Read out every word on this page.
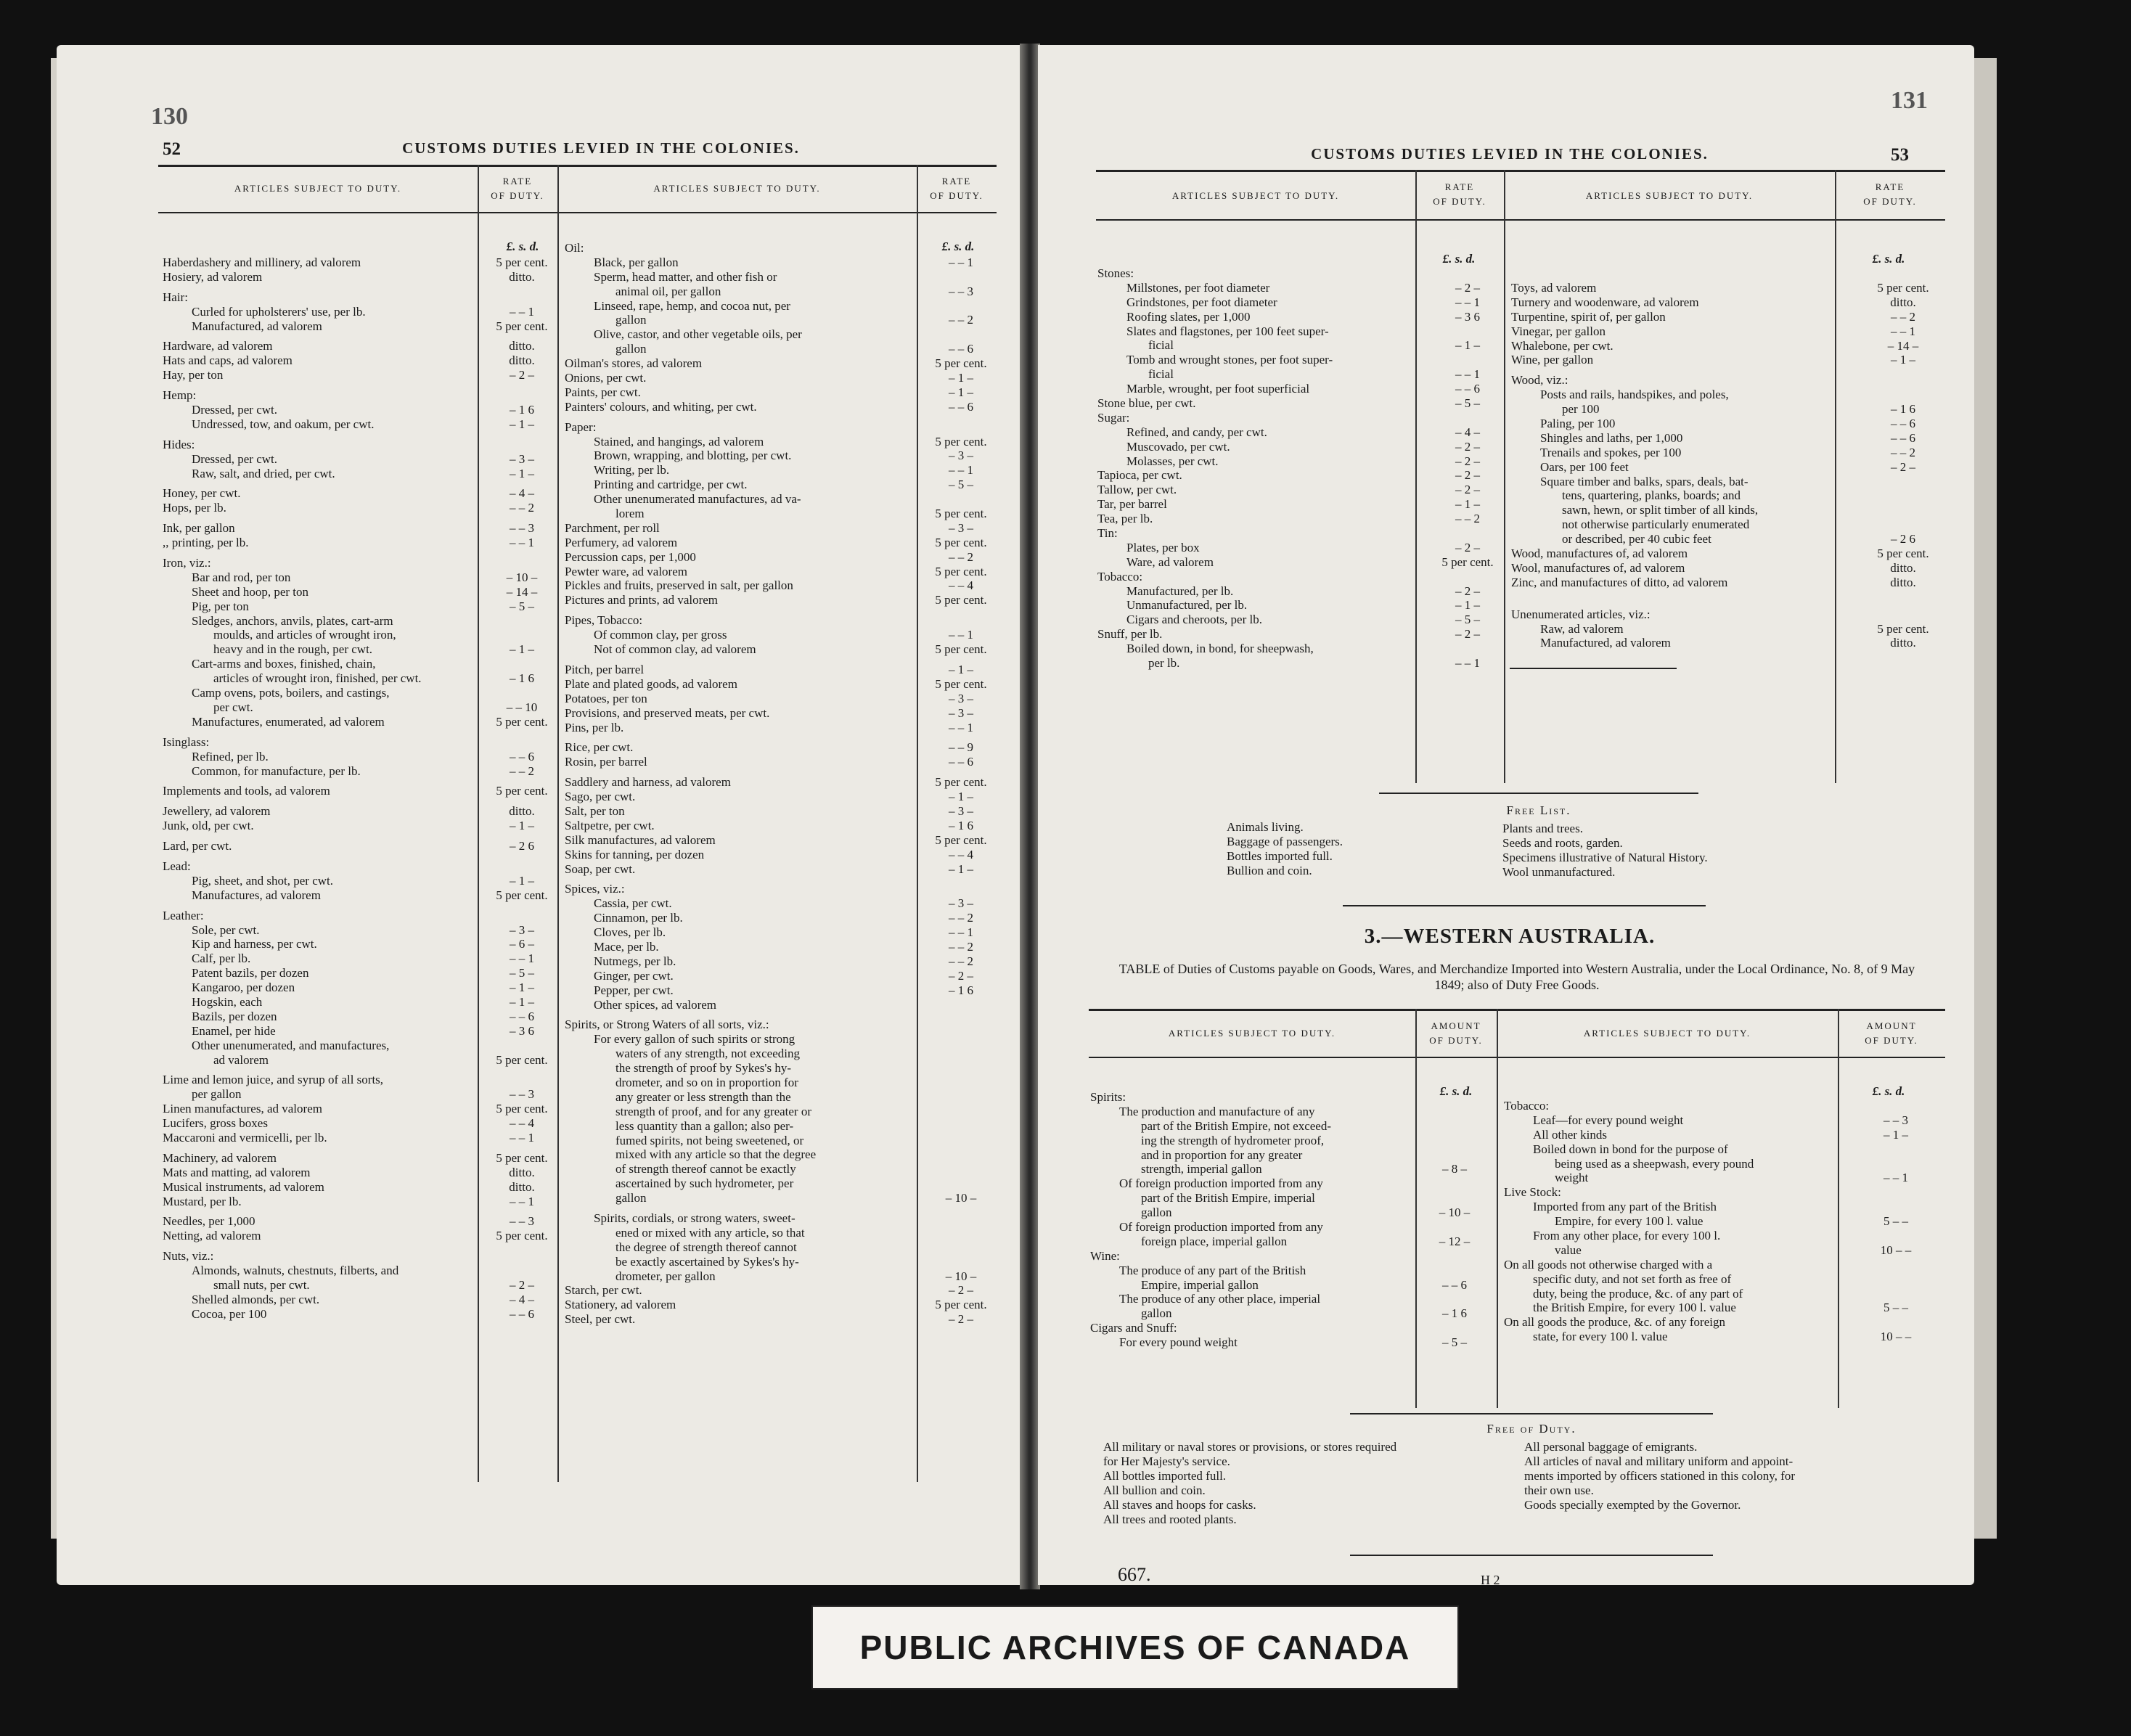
130
52	CUSTOMS DUTIES LEVIED IN THE COLONIES.
ARTICLES SUBJECT TO DUTY.
RATE
OF DUTY.
ARTICLES SUBJECT TO DUTY.
RATE
OF DUTY.
£. s. d.	£. s. d.
Haberdashery and millinery, ad valorem	5 per cent.
Hosiery, ad valorem	ditto.
Hair:
Curled for upholsterers' use, per lb.	– – 1
Manufactured, ad valorem	5 per cent.
Hardware, ad valorem	ditto.
Hats and caps, ad valorem	ditto.
Hay, per ton	– 2 –
Hemp:
Dressed, per cwt.	– 1 6
Undressed, tow, and oakum, per cwt.	– 1 –
Hides:
Dressed, per cwt.	– 3 –
Raw, salt, and dried, per cwt.	– 1 –
Honey, per cwt.	– 4 –
Hops, per lb.	– – 2
Ink, per gallon	– – 3
,, printing, per lb.	– – 1
Iron, viz.:
Bar and rod, per ton	– 10 –
Sheet and hoop, per ton	– 14 –
Pig, per ton	– 5 –
Sledges, anchors, anvils, plates, cart-arm
moulds, and articles of wrought iron,
heavy and in the rough, per cwt.	– 1 –
Cart-arms and boxes, finished, chain,
articles of wrought iron, finished, per cwt.	– 1 6
Camp ovens, pots, boilers, and castings,
per cwt.	– – 10
Manufactures, enumerated, ad valorem	5 per cent.
Isinglass:
Refined, per lb.	– – 6
Common, for manufacture, per lb.	– – 2
Implements and tools, ad valorem	5 per cent.
Jewellery, ad valorem	ditto.
Junk, old, per cwt.	– 1 –
Lard, per cwt.	– 2 6
Lead:
Pig, sheet, and shot, per cwt.	– 1 –
Manufactures, ad valorem	5 per cent.
Leather:
Sole, per cwt.	– 3 –
Kip and harness, per cwt.	– 6 –
Calf, per lb.	– – 1
Patent bazils, per dozen	– 5 –
Kangaroo, per dozen	– 1 –
Hogskin, each	– 1 –
Bazils, per dozen	– – 6
Enamel, per hide	– 3 6
Other unenumerated, and manufactures,
ad valorem	5 per cent.
Lime and lemon juice, and syrup of all sorts,
per gallon	– – 3
Linen manufactures, ad valorem	5 per cent.
Lucifers, gross boxes	– – 4
Maccaroni and vermicelli, per lb.	– – 1
Machinery, ad valorem	5 per cent.
Mats and matting, ad valorem	ditto.
Musical instruments, ad valorem	ditto.
Mustard, per lb.	– – 1
Needles, per 1,000	– – 3
Netting, ad valorem	5 per cent.
Nuts, viz.:
Almonds, walnuts, chestnuts, filberts, and
small nuts, per cwt.	– 2 –
Shelled almonds, per cwt.	– 4 –
Cocoa, per 100	– – 6
Oil:
Black, per gallon	– – 1
Sperm, head matter, and other fish or
animal oil, per gallon	– – 3
Linseed, rape, hemp, and cocoa nut, per
gallon	– – 2
Olive, castor, and other vegetable oils, per
gallon	– – 6
Oilman's stores, ad valorem	5 per cent.
Onions, per cwt.	– 1 –
Paints, per cwt.	– 1 –
Painters' colours, and whiting, per cwt.	– – 6
Paper:
Stained, and hangings, ad valorem	5 per cent.
Brown, wrapping, and blotting, per cwt.	– 3 –
Writing, per lb.	– – 1
Printing and cartridge, per cwt.	– 5 –
Other unenumerated manufactures, ad va-
lorem	5 per cent.
Parchment, per roll	– 3 –
Perfumery, ad valorem	5 per cent.
Percussion caps, per 1,000	– – 2
Pewter ware, ad valorem	5 per cent.
Pickles and fruits, preserved in salt, per gallon	– – 4
Pictures and prints, ad valorem	5 per cent.
Pipes, Tobacco:
Of common clay, per gross	– – 1
Not of common clay, ad valorem	5 per cent.
Pitch, per barrel	– 1 –
Plate and plated goods, ad valorem	5 per cent.
Potatoes, per ton	– 3 –
Provisions, and preserved meats, per cwt.	– 3 –
Pins, per lb.	– – 1
Rice, per cwt.	– – 9
Rosin, per barrel	– – 6
Saddlery and harness, ad valorem	5 per cent.
Sago, per cwt.	– 1 –
Salt, per ton	– 3 –
Saltpetre, per cwt.	– 1 6
Silk manufactures, ad valorem	5 per cent.
Skins for tanning, per dozen	– – 4
Soap, per cwt.	– 1 –
Spices, viz.:
Cassia, per cwt.	– 3 –
Cinnamon, per lb.	– – 2
Cloves, per lb.	– – 1
Mace, per lb.	– – 2
Nutmegs, per lb.	– – 2
Ginger, per cwt.	– 2 –
Pepper, per cwt.	– 1 6
Other spices, ad valorem
Spirits, or Strong Waters of all sorts, viz.:
For every gallon of such spirits or strong
waters of any strength, not exceeding
the strength of proof by Sykes's hy-
drometer, and so on in proportion for
any greater or less strength than the
strength of proof, and for any greater or
less quantity than a gallon; also per-
fumed spirits, not being sweetened, or
mixed with any article so that the degree
of strength thereof cannot be exactly
ascertained by such hydrometer, per
gallon	– 10 –
Spirits, cordials, or strong waters, sweet-
ened or mixed with any article, so that
the degree of strength thereof cannot
be exactly ascertained by Sykes's hy-
drometer, per gallon	– 10 –
Starch, per cwt.	– 2 –
Stationery, ad valorem	5 per cent.
Steel, per cwt.	– 2 –
131
53
CUSTOMS DUTIES LEVIED IN THE COLONIES.
ARTICLES SUBJECT TO DUTY.
RATE
OF DUTY.
ARTICLES SUBJECT TO DUTY.
RATE
OF DUTY.
£. s. d.	£. s. d.
Stones:
Millstones, per foot diameter	– 2 –
Grindstones, per foot diameter	– – 1
Roofing slates, per 1,000	– 3 6
Slates and flagstones, per 100 feet super-
ficial	– 1 –
Tomb and wrought stones, per foot super-
ficial	– – 1
Marble, wrought, per foot superficial	– – 6
Stone blue, per cwt.	– 5 –
Sugar:
Refined, and candy, per cwt.	– 4 –
Muscovado, per cwt.	– 2 –
Molasses, per cwt.	– 2 –
Tapioca, per cwt.	– 2 –
Tallow, per cwt.	– 2 –
Tar, per barrel	– 1 –
Tea, per lb.	– – 2
Tin:
Plates, per box	– 2 –
Ware, ad valorem	5 per cent.
Tobacco:
Manufactured, per lb.	– 2 –
Unmanufactured, per lb.	– 1 –
Cigars and cheroots, per lb.	– 5 –
Snuff, per lb.	– 2 –
Boiled down, in bond, for sheepwash,
per lb.	– – 1
Toys, ad valorem	5 per cent.
Turnery and woodenware, ad valorem	ditto.
Turpentine, spirit of, per gallon	– – 2
Vinegar, per gallon	– – 1
Whalebone, per cwt.	– 14 –
Wine, per gallon	– 1 –
Wood, viz.:
Posts and rails, handspikes, and poles,
per 100	– 1 6
Paling, per 100	– – 6
Shingles and laths, per 1,000	– – 6
Trenails and spokes, per 100	– – 2
Oars, per 100 feet	– 2 –
Square timber and balks, spars, deals, bat-
tens, quartering, planks, boards; and
sawn, hewn, or split timber of all kinds,
not otherwise particularly enumerated
or described, per 40 cubic feet	– 2 6
Wood, manufactures of, ad valorem	5 per cent.
Wool, manufactures of, ad valorem	ditto.
Zinc, and manufactures of ditto, ad valorem	ditto.
Unenumerated articles, viz.:
Raw, ad valorem	5 per cent.
Manufactured, ad valorem	ditto.
Free List.
Animals living.
Baggage of passengers.
Bottles imported full.
Bullion and coin.
Plants and trees.
Seeds and roots, garden.
Specimens illustrative of Natural History.
Wool unmanufactured.
3.—WESTERN AUSTRALIA.
TABLE of Duties of Customs payable on Goods, Wares, and Merchandize Imported into Western Australia, under the Local Ordinance, No. 8, of 9 May 1849; also of Duty Free Goods.
ARTICLES SUBJECT TO DUTY.
AMOUNT
OF DUTY.
ARTICLES SUBJECT TO DUTY.
AMOUNT
OF DUTY.
£. s. d.	£. s. d.
Spirits:
The production and manufacture of any
part of the British Empire, not exceed-
ing the strength of hydrometer proof,
and in proportion for any greater
strength, imperial gallon	– 8 –
Of foreign production imported from any
part of the British Empire, imperial
gallon	– 10 –
Of foreign production imported from any
foreign place, imperial gallon	– 12 –
Wine:
The produce of any part of the British
Empire, imperial gallon	– – 6
The produce of any other place, imperial
gallon	– 1 6
Cigars and Snuff:
For every pound weight	– 5 –
Tobacco:
Leaf—for every pound weight	– – 3
All other kinds	– 1 –
Boiled down in bond for the purpose of
being used as a sheepwash, every pound
weight	– – 1
Live Stock:
Imported from any part of the British
Empire, for every 100 l. value	5 – –
From any other place, for every 100 l.
value	10 – –
On all goods not otherwise charged with a
specific duty, and not set forth as free of
duty, being the produce, &c. of any part of
the British Empire, for every 100 l. value	5 – –
On all goods the produce, &c. of any foreign
state, for every 100 l. value	10 – –
Free of Duty.
All military or naval stores or provisions, or stores required
for Her Majesty's service.
All bottles imported full.
All bullion and coin.
All staves and hoops for casks.
All trees and rooted plants.
All personal baggage of emigrants.
All articles of naval and military uniform and appoint-
ments imported by officers stationed in this colony, for
their own use.
Goods specially exempted by the Governor.
667.	H 2
PUBLIC ARCHIVES OF CANADA
